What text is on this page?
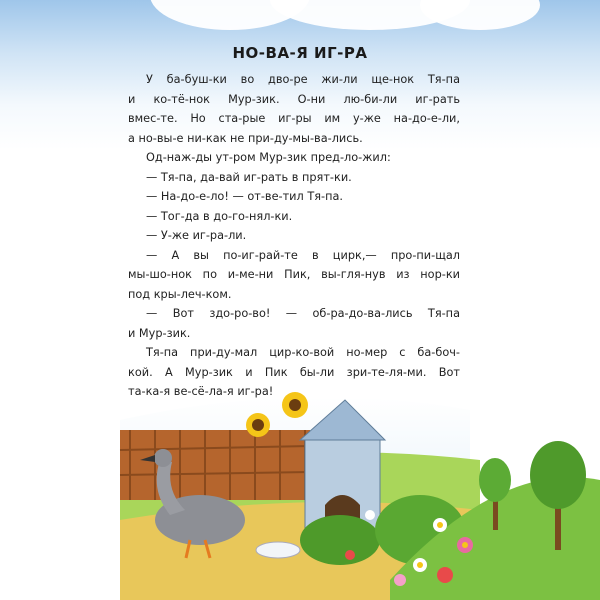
НО-ВА-Я ИГ-РА
У ба-буш-ки во дво-ре жи-ли ще-нок Тя-па
и ко-тё-нок Мур-зик. О-ни лю-би-ли иг-рать
вмес-те. Но ста-рые иг-ры им у-же на-до-е-ли,
а но-вы-е ни-как не при-ду-мы-ва-лись.
Од-наж-ды ут-ром Мур-зик пред-ло-жил:
— Тя-па, да-вай иг-рать в прят-ки.
— На-до-е-ло! — от-ве-тил Тя-па.
— Тог-да в до-го-нял-ки.
— У-же иг-ра-ли.
— А вы по-иг-рай-те в цирк,— про-пи-щал
мы-шо-нок по и-ме-ни Пик, вы-гля-нув из нор-ки
под кры-леч-ком.
— Вот здо-ро-во! — об-ра-до-ва-лись Тя-па
и Мур-зик.
Тя-па при-ду-мал цир-ко-вой но-мер с ба-боч-
кой. А Мур-зик и Пик бы-ли зри-те-ля-ми. Вот
та-ка-я ве-сё-ла-я иг-ра!
